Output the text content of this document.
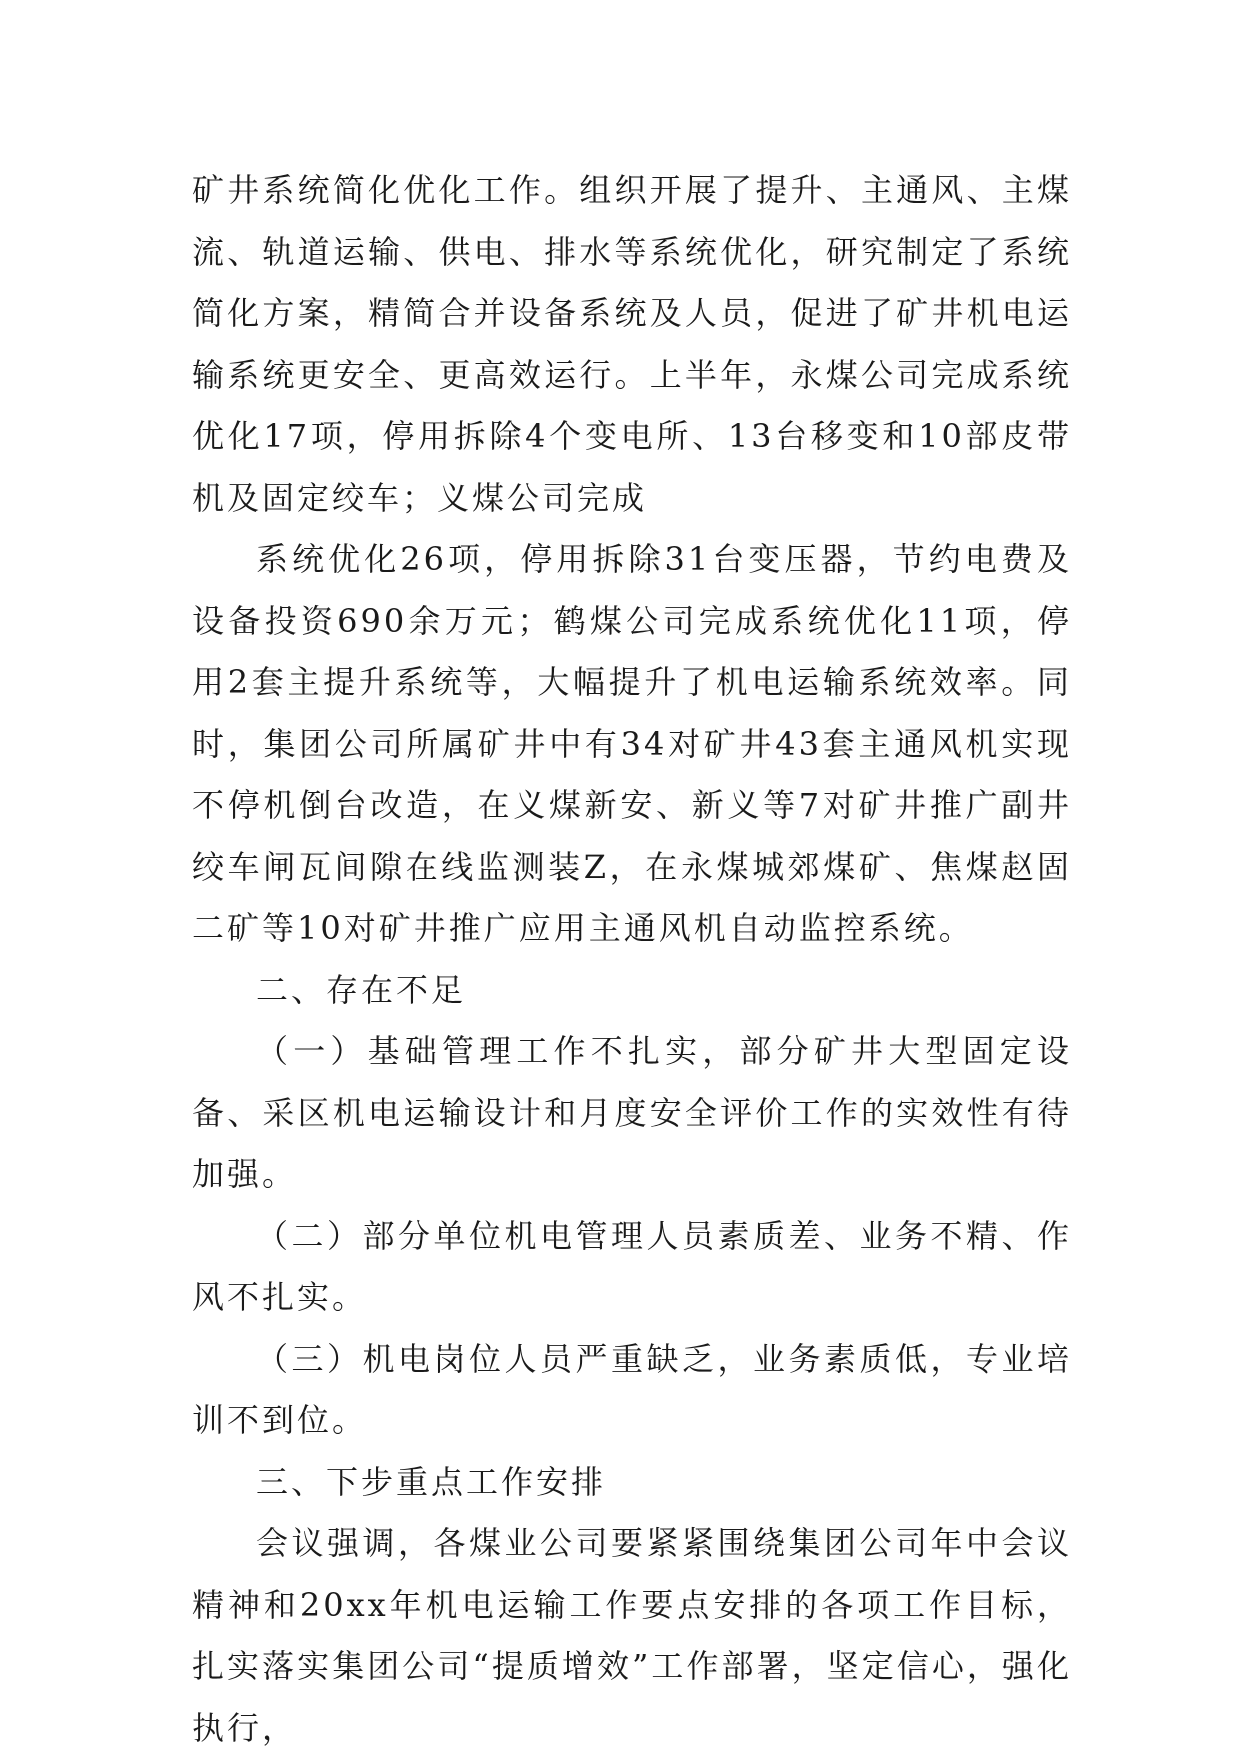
矿井系统简化优化工作。组织开展了提升、主通风、主煤流、轨道运输、供电、排水等系统优化，研究制定了系统简化方案，精简合并设备系统及人员，促进了矿井机电运输系统更安全、更高效运行。上半年，永煤公司完成系统优化17项，停用拆除4个变电所、13台移变和10部皮带机及固定绞车；义煤公司完成

系统优化26项，停用拆除31台变压器，节约电费及设备投资690余万元；鹤煤公司完成系统优化11项，停用2套主提升系统等，大幅提升了机电运输系统效率。同时，集团公司所属矿井中有34对矿井43套主通风机实现不停机倒台改造，在义煤新安、新义等7对矿井推广副井绞车闸瓦间隙在线监测装Z，在永煤城郊煤矿、焦煤赵固二矿等10对矿井推广应用主通风机自动监控系统。

二、存在不足

（一）基础管理工作不扎实，部分矿井大型固定设备、采区机电运输设计和月度安全评价工作的实效性有待加强。

（二）部分单位机电管理人员素质差、业务不精、作风不扎实。

（三）机电岗位人员严重缺乏，业务素质低，专业培训不到位。

三、下步重点工作安排

会议强调，各煤业公司要紧紧围绕集团公司年中会议精神和20xx年机电运输工作要点安排的各项工作目标，扎实落实集团公司“提质增效”工作部署，坚定信心，强化执行，
